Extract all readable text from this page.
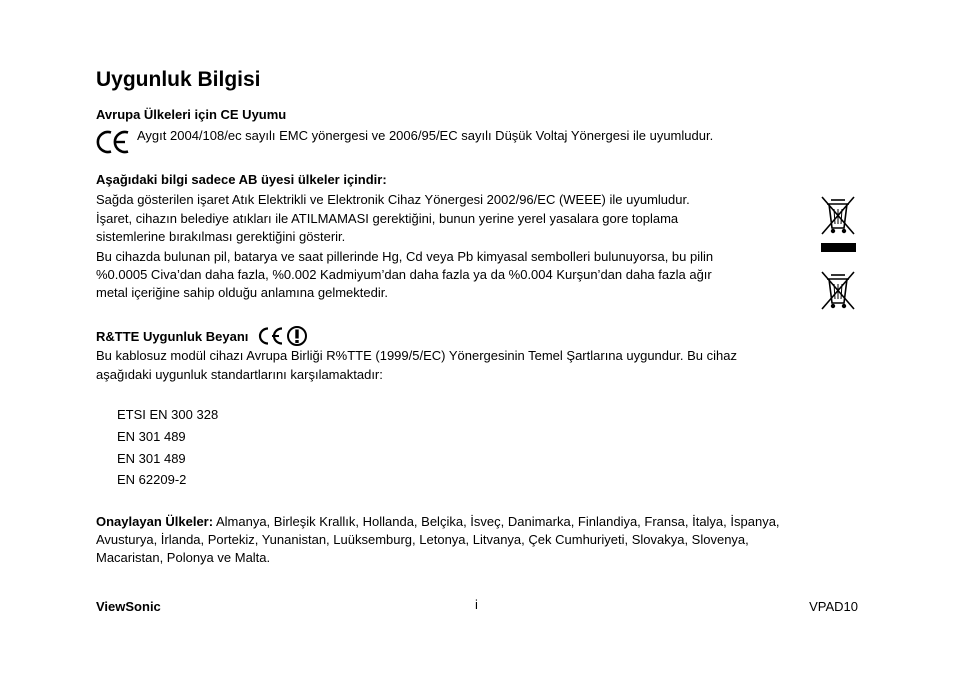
Uygunluk Bilgisi
Avrupa Ülkeleri için CE Uyumu
Aygıt 2004/108/ec sayılı EMC yönergesi ve 2006/95/EC sayılı Düşük Voltaj Yönergesi ile uyumludur.
Aşağıdaki bilgi sadece AB üyesi ülkeler içindir:
Sağda gösterilen işaret Atık Elektrikli ve Elektronik Cihaz Yönergesi 2002/96/EC (WEEE) ile uyumludur.
İşaret, cihazın belediye atıkları ile ATILMAMASI gerektiğini, bunun yerine yerel yasalara gore toplama
sistemlerine bırakılması gerektiğini gösterir.
Bu cihazda bulunan pil, batarya ve saat pillerinde Hg, Cd veya Pb kimyasal sembolleri bulunuyorsa, bu pilin
%0.0005 Civa’dan daha fazla, %0.002 Kadmiyum’dan daha fazla ya da %0.004 Kurşun’dan daha fazla ağır
metal içeriğine sahip olduğu anlamına gelmektedir.
R&TTE Uygunluk Beyanı
Bu kablosuz modül cihazı Avrupa Birliği R%TTE (1999/5/EC) Yönergesinin Temel Şartlarına uygundur. Bu cihaz
aşağıdaki uygunluk standartlarını karşılamaktadır:
ETSI EN 300 328
EN 301 489
EN 301 489
EN 62209-2
Onaylayan Ülkeler: Almanya, Birleşik Krallık, Hollanda, Belçika, İsveç, Danimarka, Finlandiya, Fransa, İtalya, İspanya,
Avusturya, İrlanda, Portekiz, Yunanistan, Luüksemburg, Letonya, Litvanya, Çek Cumhuriyeti, Slovakya, Slovenya,
Macaristan, Polonya ve Malta.
ViewSonic	i	VPAD10
